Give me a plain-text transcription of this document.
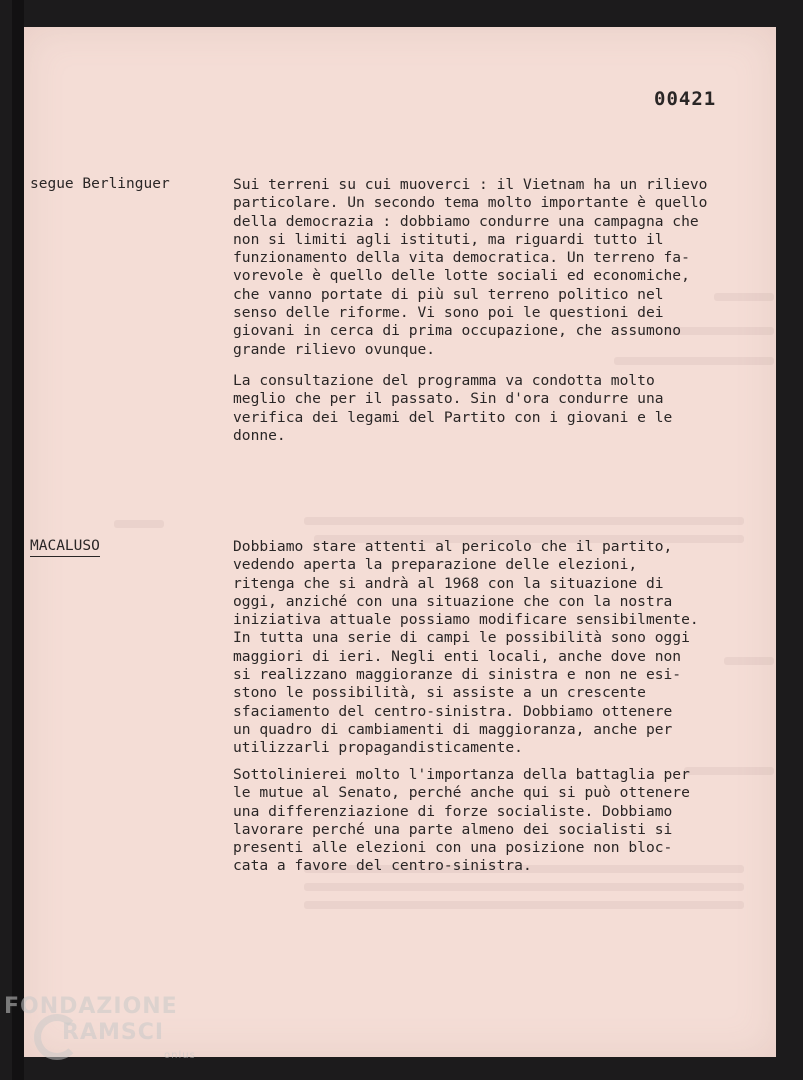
00421
segue Berlinguer	Sui terreni su cui muoverci : il Vietnam ha un rilievo
particolare. Un secondo tema molto importante è quello
della democrazia : dobbiamo condurre una campagna che
non si limiti agli istituti, ma riguardi tutto il
funzionamento della vita democratica. Un terreno fa-
vorevole è quello delle lotte sociali ed economiche,
che vanno portate di più sul terreno politico nel
senso delle riforme. Vi sono poi le questioni dei
giovani in cerca di prima occupazione, che assumono
grande rilievo ovunque.
La consultazione del programma va condotta molto
meglio che per il passato. Sin d'ora condurre una
verifica dei legami del Partito con i giovani e le
donne.
MACALUSO	Dobbiamo stare attenti al pericolo che il partito,
vedendo aperta la preparazione delle elezioni,
ritenga che si andrà al 1968 con la situazione di
oggi, anziché con una situazione che con la nostra
iniziativa attuale possiamo modificare sensibilmente.
In tutta una serie di campi le possibilità sono oggi
maggiori di ieri. Negli enti locali, anche dove non
si realizzano maggioranze di sinistra e non ne esi-
stono le possibilità, si assiste a un crescente
sfaciamento del centro-sinistra. Dobbiamo ottenere
un quadro di cambiamenti di maggioranza, anche per
utilizzarli propagandisticamente.
Sottolinierei molto l'importanza della battaglia per
le mutue al Senato, perché anche qui si può ottenere
una differenziazione di forze socialiste. Dobbiamo
lavorare perché una parte almeno dei socialisti si
presenti alle elezioni con una posizione non bloc-
cata a favore del centro-sinistra.
FONDAZIONE
RAMSCI
onlus
